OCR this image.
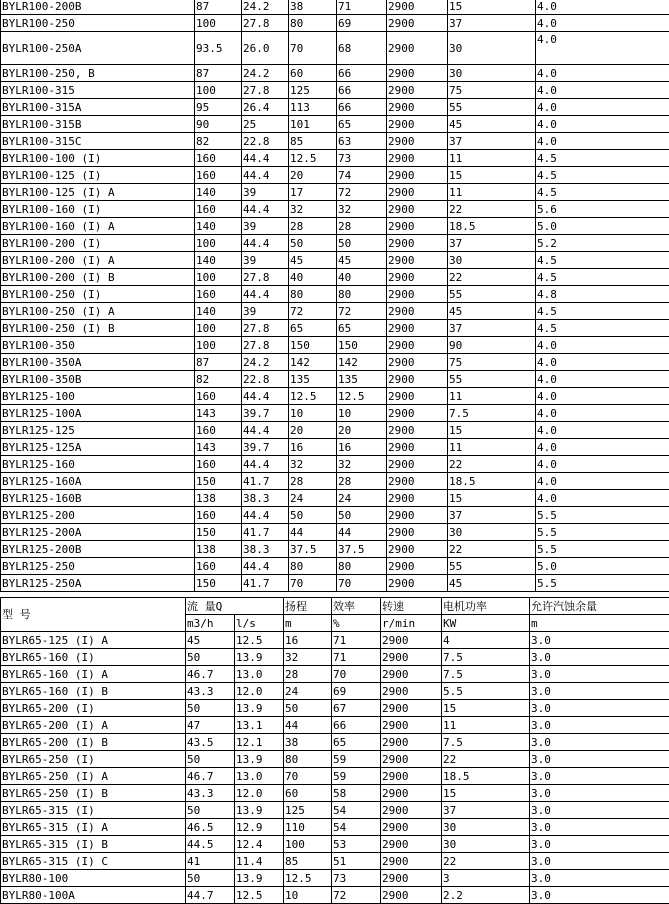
BYLR100-200B	87	24.2	38	71	2900	15	4.0
BYLR100-250	100	27.8	80	69	2900	37	4.0
BYLR100-250A	93.5	26.0	70	68	2900	30	4.0
BYLR100-250, B	87	24.2	60	66	2900	30	4.0
BYLR100-315	100	27.8	125	66	2900	75	4.0
BYLR100-315A	95	26.4	113	66	2900	55	4.0
BYLR100-315B	90	25	101	65	2900	45	4.0
BYLR100-315C	82	22.8	85	63	2900	37	4.0
BYLR100-100 (I)	160	44.4	12.5	73	2900	11	4.5
BYLR100-125 (I)	160	44.4	20	74	2900	15	4.5
BYLR100-125 (I) A	140	39	17	72	2900	11	4.5
BYLR100-160 (I)	160	44.4	32	32	2900	22	5.6
BYLR100-160 (I) A	140	39	28	28	2900	18.5	5.0
BYLR100-200 (I)	100	44.4	50	50	2900	37	5.2
BYLR100-200 (I) A	140	39	45	45	2900	30	4.5
BYLR100-200 (I) B	100	27.8	40	40	2900	22	4.5
BYLR100-250 (I)	160	44.4	80	80	2900	55	4.8
BYLR100-250 (I) A	140	39	72	72	2900	45	4.5
BYLR100-250 (I) B	100	27.8	65	65	2900	37	4.5
BYLR100-350	100	27.8	150	150	2900	90	4.0
BYLR100-350A	87	24.2	142	142	2900	75	4.0
BYLR100-350B	82	22.8	135	135	2900	55	4.0
BYLR125-100	160	44.4	12.5	12.5	2900	11	4.0
BYLR125-100A	143	39.7	10	10	2900	7.5	4.0
BYLR125-125	160	44.4	20	20	2900	15	4.0
BYLR125-125A	143	39.7	16	16	2900	11	4.0
BYLR125-160	160	44.4	32	32	2900	22	4.0
BYLR125-160A	150	41.7	28	28	2900	18.5	4.0
BYLR125-160B	138	38.3	24	24	2900	15	4.0
BYLR125-200	160	44.4	50	50	2900	37	5.5
BYLR125-200A	150	41.7	44	44	2900	30	5.5
BYLR125-200B	138	38.3	37.5	37.5	2900	22	5.5
BYLR125-250	160	44.4	80	80	2900	55	5.0
BYLR125-250A	150	41.7	70	70	2900	45	5.5
型 号	流 量Q		扬程	效率	转速	电机功率	允许汽蚀余量
	m3/h	l/s	m	%	r/min	KW	m
BYLR65-125 (I) A	45	12.5	16	71	2900	4	3.0
BYLR65-160 (I)	50	13.9	32	71	2900	7.5	3.0
BYLR65-160 (I) A	46.7	13.0	28	70	2900	7.5	3.0
BYLR65-160 (I) B	43.3	12.0	24	69	2900	5.5	3.0
BYLR65-200 (I)	50	13.9	50	67	2900	15	3.0
BYLR65-200 (I) A	47	13.1	44	66	2900	11	3.0
BYLR65-200 (I) B	43.5	12.1	38	65	2900	7.5	3.0
BYLR65-250 (I)	50	13.9	80	59	2900	22	3.0
BYLR65-250 (I) A	46.7	13.0	70	59	2900	18.5	3.0
BYLR65-250 (I) B	43.3	12.0	60	58	2900	15	3.0
BYLR65-315 (I)	50	13.9	125	54	2900	37	3.0
BYLR65-315 (I) A	46.5	12.9	110	54	2900	30	3.0
BYLR65-315 (I) B	44.5	12.4	100	53	2900	30	3.0
BYLR65-315 (I) C	41	11.4	85	51	2900	22	3.0
BYLR80-100	50	13.9	12.5	73	2900	3	3.0
BYLR80-100A	44.7	12.5	10	72	2900	2.2	3.0
